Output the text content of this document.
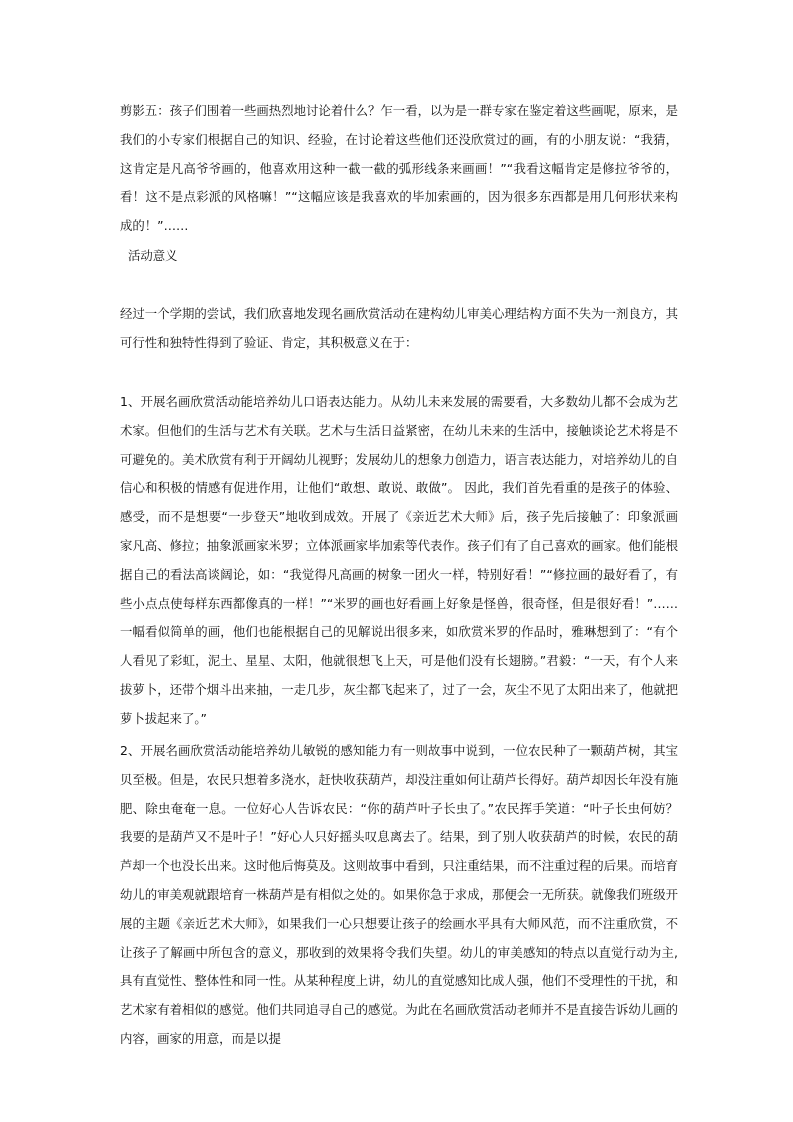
剪影五：孩子们围着一些画热烈地讨论着什么？乍一看，以为是一群专家在鉴定着这些画呢，原来，是我们的小专家们根据自己的知识、经验，在讨论着这些他们还没欣赏过的画，有的小朋友说：“我猜，这肯定是凡高爷爷画的，他喜欢用这种一截一截的弧形线条来画画！”“我看这幅肯定是修拉爷爷的，看！这不是点彩派的风格嘛！”“这幅应该是我喜欢的毕加索画的，因为很多东西都是用几何形状来构成的！”……

活动意义

经过一个学期的尝试，我们欣喜地发现名画欣赏活动在建构幼儿审美心理结构方面不失为一剂良方，其可行性和独特性得到了验证、肯定，其积极意义在于：

1、开展名画欣赏活动能培养幼儿口语表达能力。从幼儿未来发展的需要看，大多数幼儿都不会成为艺术家。但他们的生活与艺术有关联。艺术与生活日益紧密，在幼儿未来的生活中，接触谈论艺术将是不可避免的。美术欣赏有利于开阔幼儿视野；发展幼儿的想象力创造力，语言表达能力，对培养幼儿的自信心和积极的情感有促进作用，让他们“敢想、敢说、敢做”。 因此，我们首先看重的是孩子的体验、感受，而不是想要“一步登天”地收到成效。开展了《亲近艺术大师》后，孩子先后接触了：印象派画家凡高、修拉；抽象派画家米罗；立体派画家毕加索等代表作。孩子们有了自己喜欢的画家。他们能根据自己的看法高谈阔论，如：“我觉得凡高画的树象一团火一样，特别好看！”“修拉画的最好看了，有些小点点使每样东西都像真的一样！”“米罗的画也好看画上好象是怪兽，很奇怪，但是很好看！”……一幅看似简单的画，他们也能根据自己的见解说出很多来，如欣赏米罗的作品时，雅琳想到了：“有个人看见了彩虹，泥土、星星、太阳，他就很想飞上天，可是他们没有长翅膀。”君毅：“一天，有个人来拔萝卜，还带个烟斗出来抽，一走几步，灰尘都飞起来了，过了一会，灰尘不见了太阳出来了，他就把萝卜拔起来了。”

2、开展名画欣赏活动能培养幼儿敏锐的感知能力有一则故事中说到，一位农民种了一颗葫芦树，其宝贝至极。但是，农民只想着多浇水，赶快收获葫芦，却没注重如何让葫芦长得好。葫芦却因长年没有施肥、除虫奄奄一息。一位好心人告诉农民：“你的葫芦叶子长虫了。”农民挥手笑道：“叶子长虫何妨？我要的是葫芦又不是叶子！”好心人只好摇头叹息离去了。结果，到了别人收获葫芦的时候，农民的葫芦却一个也没长出来。这时他后悔莫及。这则故事中看到，只注重结果，而不注重过程的后果。而培育幼儿的审美观就跟培育一株葫芦是有相似之处的。如果你急于求成，那便会一无所获。就像我们班级开展的主题《亲近艺术大师》，如果我们一心只想要让孩子的绘画水平具有大师风范，而不注重欣赏，不让孩子了解画中所包含的意义，那收到的效果将令我们失望。幼儿的审美感知的特点以直觉行动为主,具有直觉性、整体性和同一性。从某种程度上讲，幼儿的直觉感知比成人强，他们不受理性的干扰，和艺术家有着相似的感觉。他们共同追寻自己的感觉。为此在名画欣赏活动老师并不是直接告诉幼儿画的内容，画家的用意，而是以提
